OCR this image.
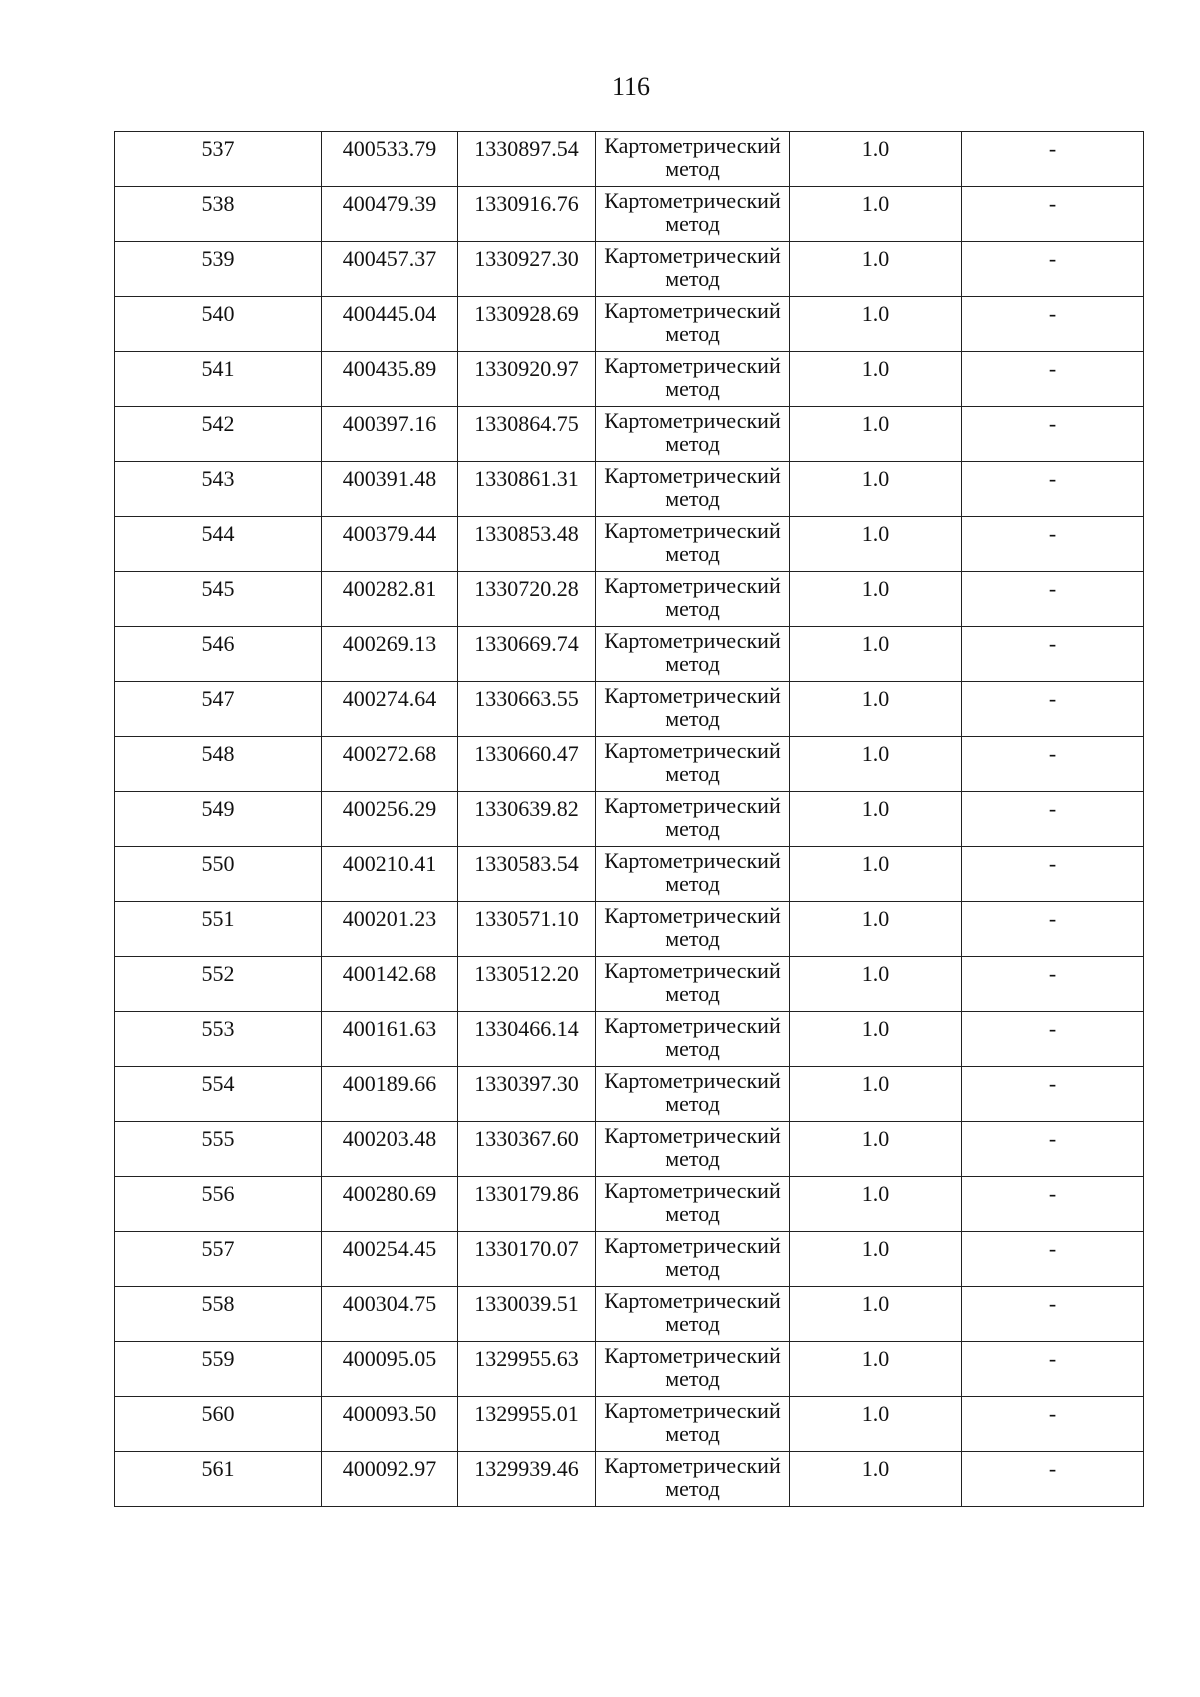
116
537	400533.79	1330897.54	Картометрический метод	1.0	-

538	400479.39	1330916.76	Картометрический метод	1.0	-

539	400457.37	1330927.30	Картометрический метод	1.0	-

540	400445.04	1330928.69	Картометрический метод	1.0	-

541	400435.89	1330920.97	Картометрический метод	1.0	-

542	400397.16	1330864.75	Картометрический метод	1.0	-

543	400391.48	1330861.31	Картометрический метод	1.0	-

544	400379.44	1330853.48	Картометрический метод	1.0	-

545	400282.81	1330720.28	Картометрический метод	1.0	-

546	400269.13	1330669.74	Картометрический метод	1.0	-

547	400274.64	1330663.55	Картометрический метод	1.0	-

548	400272.68	1330660.47	Картометрический метод	1.0	-

549	400256.29	1330639.82	Картометрический метод	1.0	-

550	400210.41	1330583.54	Картометрический метод	1.0	-

551	400201.23	1330571.10	Картометрический метод	1.0	-

552	400142.68	1330512.20	Картометрический метод	1.0	-

553	400161.63	1330466.14	Картометрический метод	1.0	-

554	400189.66	1330397.30	Картометрический метод	1.0	-

555	400203.48	1330367.60	Картометрический метод	1.0	-

556	400280.69	1330179.86	Картометрический метод	1.0	-

557	400254.45	1330170.07	Картометрический метод	1.0	-

558	400304.75	1330039.51	Картометрический метод	1.0	-

559	400095.05	1329955.63	Картометрический метод	1.0	-

560	400093.50	1329955.01	Картометрический метод	1.0	-

561	400092.97	1329939.46	Картометрический метод	1.0	-
